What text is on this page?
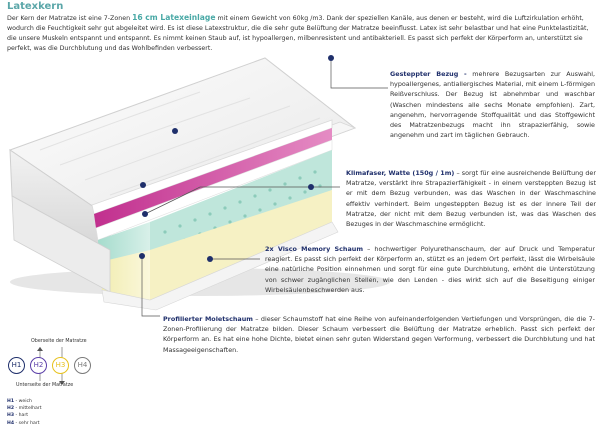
Latexkern
Der Kern der Matratze ist eine 7-Zonen 16 cm Latexeinlage mit einem Gewicht von 60kg /m3. Dank der speziellen Kanäle, aus denen er besteht, wird die Luftzirkulation erhöht, wodurch die Feuchtigkeit sehr gut abgeleitet wird. Es ist diese Latexstruktur, die die sehr gute Belüftung der Matratze beeinflusst. Latex ist sehr belastbar und hat eine Punktelastizität, die unsere Muskeln entspannt und entspannt. Es nimmt keinen Staub auf, ist hypoallergen, milbenresistent und antibakteriell. Es passt sich perfekt der Körperform an, unterstützt sie perfekt, was die Durchblutung und das Wohlbefinden verbessert.
Gesteppter Bezug - mehrere Bezugsarten zur Auswahl, hypoallergenes, antiallergisches Material, mit einem L-förmigen Reißverschluss. Der Bezug ist abnehmbar und waschbar (Waschen mindestens alle sechs Monate empfohlen). Zart, angenehm, hervorragende Stoffqualität und das Stoffgewicht des Matratzenbezugs macht ihn strapazierfähig, sowie angenehm und zart im täglichen Gebrauch.
Klimafaser, Watte (150g / 1m) – sorgt für eine ausreichende Belüftung der Matratze, verstärkt ihre Strapazierfähigkeit - in einem versteppten Bezug ist er mit dem Bezug verbunden, was das Waschen in der Waschmaschine effektiv verhindert. Beim ungesteppten Bezug ist es der innere Teil der Matratze, der nicht mit dem Bezug verbunden ist, was das Waschen des Bezuges in der Waschmaschine ermöglicht.
2x Visco Memory Schaum – hochwertiger Polyurethanschaum, der auf Druck und Temperatur reagiert. Es passt sich perfekt der Körperform an, stützt es an jedem Ort perfekt, lässt die Wirbelsäule eine natürliche Position einnehmen und sorgt für eine gute Durchblutung, erhöht die Unterstützung von schwer zugänglichen Stellen, wie den Lenden - dies wirkt sich auf die Beseitigung einiger Wirbelsäulenbeschwerden aus.
Profilierter Moletschaum – dieser Schaumstoff hat eine Reihe von aufeinanderfolgenden Vertiefungen und Vorsprüngen, die die 7-Zonen-Profilierung der Matratze bilden. Dieser Schaum verbessert die Belüftung der Matratze erheblich. Passt sich perfekt der Körperform an. Es hat eine hohe Dichte, bietet einen sehr guten Widerstand gegen Verformung, verbessert die Durchblutung und hat Massageeigenschaften.
Oberseite der Matratze
H1	H2	H3	H4
Unterseite der Matratze
H1 - weich
H2 - mittelhart
H3 - hart
H4 - sehr hart
